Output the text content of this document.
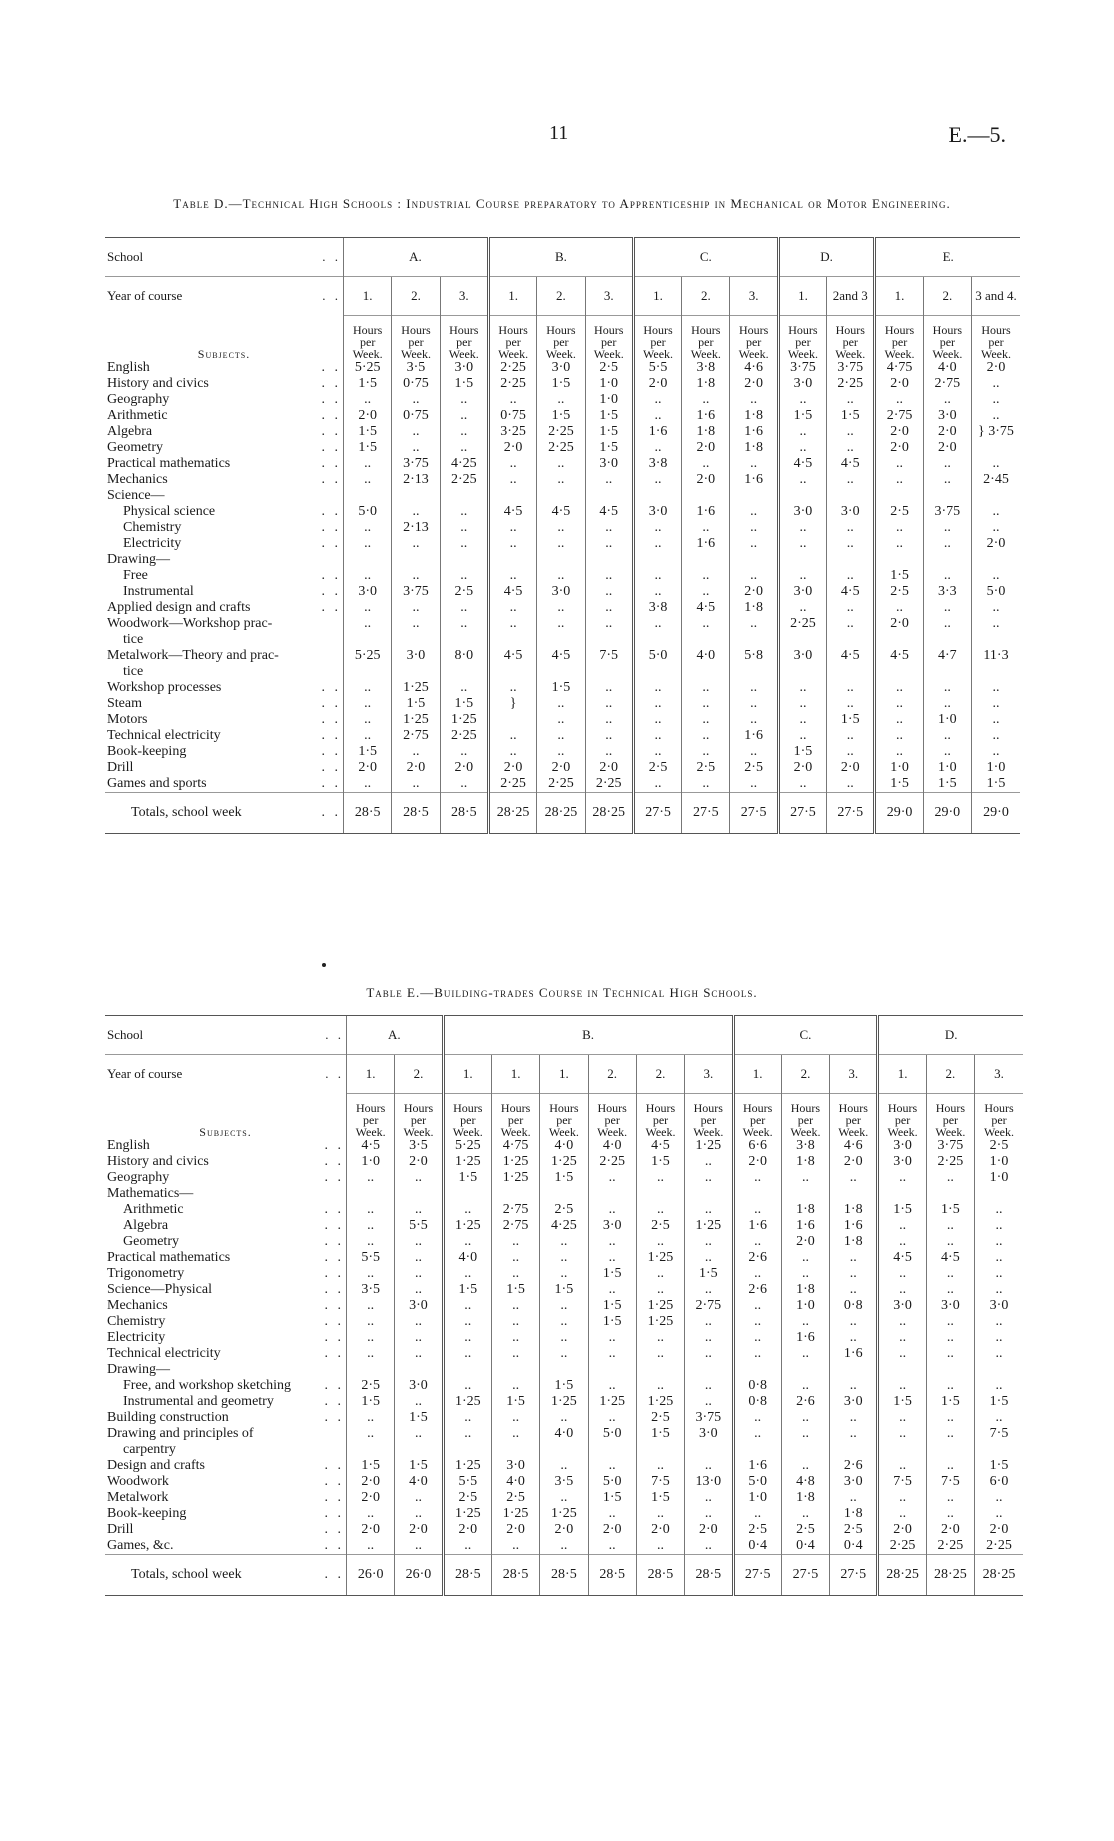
11	E.—5.
Table D.—Technical High Schools : Industrial Course preparatory to Apprenticeship in Mechanical or Motor Engineering.
School . .	A.			B.			C.			D.		E.		
Year of course . .	1.	2.	3.	1.	2.	3.	1.	2.	3.	1.	2and 3	1.	2.	3 and 4.
Subjects.	Hours per Week.	Hours per Week.	Hours per Week.	Hours per Week.	Hours per Week.	Hours per Week.	Hours per Week.	Hours per Week.	Hours per Week.	Hours per Week.	Hours per Week.	Hours per Week.	Hours per Week.	Hours per Week.
English . .	5·25	3·5	3·0	2·25	3·0	2·5	5·5	3·8	4·6	3·75	3·75	4·75	4·0	2·0
History and civics . .	1·5	0·75	1·5	2·25	1·5	1·0	2·0	1·8	2·0	3·0	2·25	2·0	2·75	..
Geography . .	..	..	..	..	..	1·0	..	..	..	..	..	..	..	..
Arithmetic . .	2·0	0·75	..	0·75	1·5	1·5	..	1·6	1·8	1·5	1·5	2·75	3·0	..
Algebra . .	1·5	..	..	3·25	2·25	1·5	1·6	1·8	1·6	..	..	2·0	2·0	} 3·75
Geometry . .	1·5	..	..	2·0	2·25	1·5	..	2·0	1·8	..	..	2·0	2·0	
Practical mathematics . .	..	3·75	4·25	..	..	3·0	3·8	..	..	4·5	4·5	..	..	..
Mechanics . .	..	2·13	2·25	..	..	..	..	2·0	1·6	..	..	..	..	2·45
Science—														
Physical science . .	5·0	..	..	4·5	4·5	4·5	3·0	1·6	..	3·0	3·0	2·5	3·75	..
Chemistry . .	..	2·13	..	..	..	..	..	..	..	..	..	..	..	..
Electricity . .	..	..	..	..	..	..	..	1·6	..	..	..	..	..	2·0
Drawing—														
Free . .	..	..	..	..	..	..	..	..	..	..	..	1·5	..	..
Instrumental . .	3·0	3·75	2·5	4·5	3·0	..	..	..	2·0	3·0	4·5	2·5	3·3	5·0
Applied design and crafts . .	..	..	..	..	..	..	3·8	4·5	1·8	..	..	..	..	..
Woodwork—Workshop prac-	..	..	..	..	..	..	..	..	..	2·25	..	2·0	..	..
tice														
Metalwork—Theory and prac-	5·25	3·0	8·0	4·5	4·5	7·5	5·0	4·0	5·8	3·0	4·5	4·5	4·7	11·3
tice														
Workshop processes . .	..	1·25	..	..	1·5	..	..	..	..	..	..	..	..	..
Steam . .	..	1·5	1·5	}	..	..	..	..	..	..	..	..	..	..
Motors . .	..	1·25	1·25		..	..	..	..	..	..	1·5	..	1·0	..
Technical electricity . .	..	2·75	2·25	..	..	..	..	..	1·6	..	..	..	..	..
Book-keeping . .	1·5	..	..	..	..	..	..	..	..	1·5	..	..	..	..
Drill . .	2·0	2·0	2·0	2·0	2·0	2·0	2·5	2·5	2·5	2·0	2·0	1·0	1·0	1·0
Games and sports . .	..	..	..	2·25	2·25	2·25	..	..	..	..	..	1·5	1·5	1·5
Totals, school week . .	28·5	28·5	28·5	28·25	28·25	28·25	27·5	27·5	27·5	27·5	27·5	29·0	29·0	29·0
Table E.—Building-trades Course in Technical High Schools.
School . .	A.		B.						C.			D.		
Year of course . .	1.	2.	1.	1.	1.	2.	2.	3.	1.	2.	3.	1.	2.	3.
Subjects.	Hours per Week.	Hours per Week.	Hours per Week.	Hours per Week.	Hours per Week.	Hours per Week.	Hours per Week.	Hours per Week.	Hours per Week.	Hours per Week.	Hours per Week.	Hours per Week.	Hours per Week.	Hours per Week.
English . .	4·5	3·5	5·25	4·75	4·0	4·0	4·5	1·25	6·6	3·8	4·6	3·0	3·75	2·5
History and civics . .	1·0	2·0	1·25	1·25	1·25	2·25	1·5	..	2·0	1·8	2·0	3·0	2·25	1·0
Geography . .	..	..	1·5	1·25	1·5	..	..	..	..	..	..	..	..	1·0
Mathematics—														
Arithmetic . .	..	..	..	2·75	2·5	..	..	..	..	1·8	1·8	1·5	1·5	..
Algebra . .	..	5·5	1·25	2·75	4·25	3·0	2·5	1·25	1·6	1·6	1·6	..	..	..
Geometry . .	..	..	..	..	..	..	..	..	..	2·0	1·8	..	..	..
Practical mathematics . .	5·5	..	4·0	..	..	..	1·25	..	2·6	..	..	4·5	4·5	..
Trigonometry . .	..	..	..	..	..	1·5	..	1·5	..	..	..	..	..	..
Science—Physical . .	3·5	..	1·5	1·5	1·5	..	..	..	2·6	1·8	..	..	..	..
Mechanics . .	..	3·0	..	..	..	1·5	1·25	2·75	..	1·0	0·8	3·0	3·0	3·0
Chemistry . .	..	..	..	..	..	1·5	1·25	..	..	..	..	..	..	..
Electricity . .	..	..	..	..	..	..	..	..	..	1·6	..	..	..	..
Technical electricity . .	..	..	..	..	..	..	..	..	..	..	1·6	..	..	..
Drawing—														
Free, and workshop sketching . .	2·5	3·0	..	..	1·5	..	..	..	0·8	..	..	..	..	..
Instrumental and geometry . .	1·5	..	1·25	1·5	1·25	1·25	1·25	..	0·8	2·6	3·0	1·5	1·5	1·5
Building construction . .	..	1·5	..	..	..	..	2·5	3·75	..	..	..	..	..	..
Drawing and principles of	..	..	..	..	4·0	5·0	1·5	3·0	..	..	..	..	..	7·5
carpentry														
Design and crafts . .	1·5	1·5	1·25	3·0	..	..	..	..	1·6	..	2·6	..	..	1·5
Woodwork . .	2·0	4·0	5·5	4·0	3·5	5·0	7·5	13·0	5·0	4·8	3·0	7·5	7·5	6·0
Metalwork . .	2·0	..	2·5	2·5	..	1·5	1·5	..	1·0	1·8	..	..	..	..
Book-keeping . .	..	..	1·25	1·25	1·25	..	..	..	..	..	1·8	..	..	..
Drill . .	2·0	2·0	2·0	2·0	2·0	2·0	2·0	2·0	2·5	2·5	2·5	2·0	2·0	2·0
Games, &c. . .	..	..	..	..	..	..	..	..	0·4	0·4	0·4	2·25	2·25	2·25
Totals, school week . .	26·0	26·0	28·5	28·5	28·5	28·5	28·5	28·5	27·5	27·5	27·5	28·25	28·25	28·25
